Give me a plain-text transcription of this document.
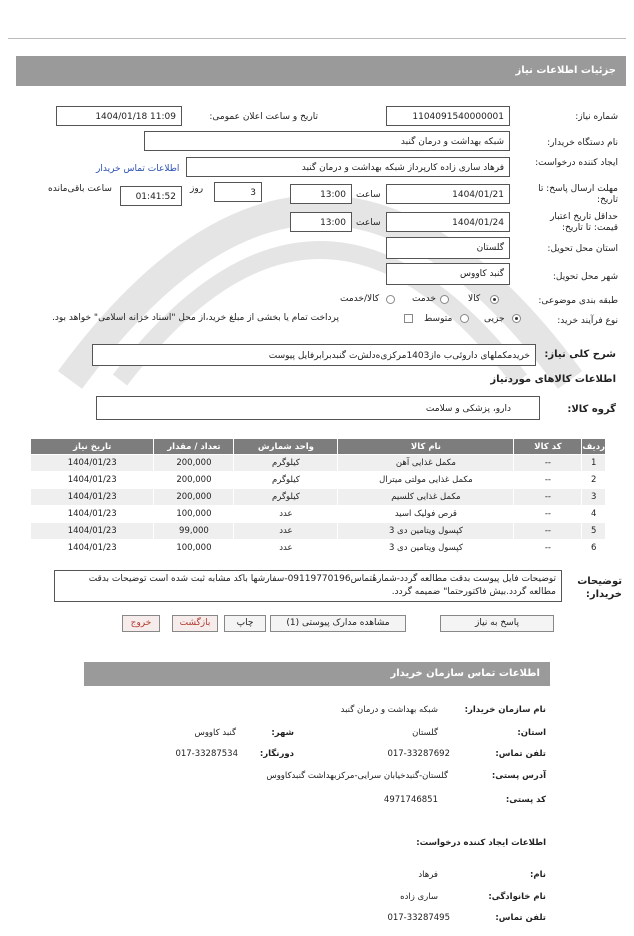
جزئیات اطلاعات نیاز
شماره نیاز:
1104091540000001
تاریخ و ساعت اعلان عمومی:
1404/01/18 11:09
نام دستگاه خریدار:
شبکه بهداشت و درمان گنبد
ایجاد کننده درخواست:
فرهاد ساری زاده کارپرداز شبکه بهداشت و درمان گنبد
اطلاعات تماس خریدار
مهلت ارسال پاسخ: تا تاریخ:
1404/01/21
ساعت
13:00
3
روز
01:41:52
ساعت باقی‌مانده
حداقل تاریخ اعتبار قیمت: تا تاریخ:
1404/01/24
ساعت
13:00
استان محل تحویل:
گلستان
شهر محل تحویل:
گنبد کاووس
طبقه بندی موضوعی:
کالا
خدمت
کالا/خدمت
نوع فرآیند خرید:
جزیی
متوسط
پرداخت تمام یا بخشی از مبلغ خرید،از محل "اسناد خزانه اسلامی" خواهد بود.
شرح کلی نیاز:
خریدمکملهای داروئی‌ب ه‌از1403مرکزی‌ه‌دلش‌ت گنبدبرابرفایل پیوست
اطلاعات کالاهای موردنیاز
گروه کالا:
دارو، پزشکی و سلامت
ردیف	کد کالا	نام کالا	واحد شمارش	تعداد / مقدار	تاریخ نیاز
1	--	مکمل غذایی آهن	کیلوگرم	200,000	1404/01/23
2	--	مکمل غذایی مولتی میترال	کیلوگرم	200,000	1404/01/23
3	--	مکمل غذایی کلسیم	کیلوگرم	200,000	1404/01/23
4	--	قرص فولیک اسید	عدد	100,000	1404/01/23
5	--	کپسول ویتامین دی 3	عدد	99,000	1404/01/23
6	--	کپسول ویتامین دی 3	عدد	100,000	1404/01/23
توضیحات خریدار:
توضیحات فایل پیوست بدقت مطالعه گردد-شمارهٔتماس09119770196-سفارشها باکد مشابه ثبت شده است توضیحات بدقت مطالعه گردد.بیش فاکتورحتما" ضمیمه گردد.
پاسخ به نیاز
مشاهده مدارک پیوستی (1)
چاپ
بازگشت
خروج
اطلاعات تماس سازمان خریدار
نام سازمان خریدار:
شبکه بهداشت و درمان گنبد
استان:
گلستان
شهر:
گنبد کاووس
تلفن تماس:
017-33287692
دورنگار:
017-33287534
آدرس پستی:
گلستان-گنبدخیابان سرایی-مرکزبهداشت گنبدکاووس
کد پستی:
4971746851
اطلاعات ایجاد کننده درخواست:
نام:
فرهاد
نام خانوادگی:
ساری زاده
تلفن تماس:
017-33287495
